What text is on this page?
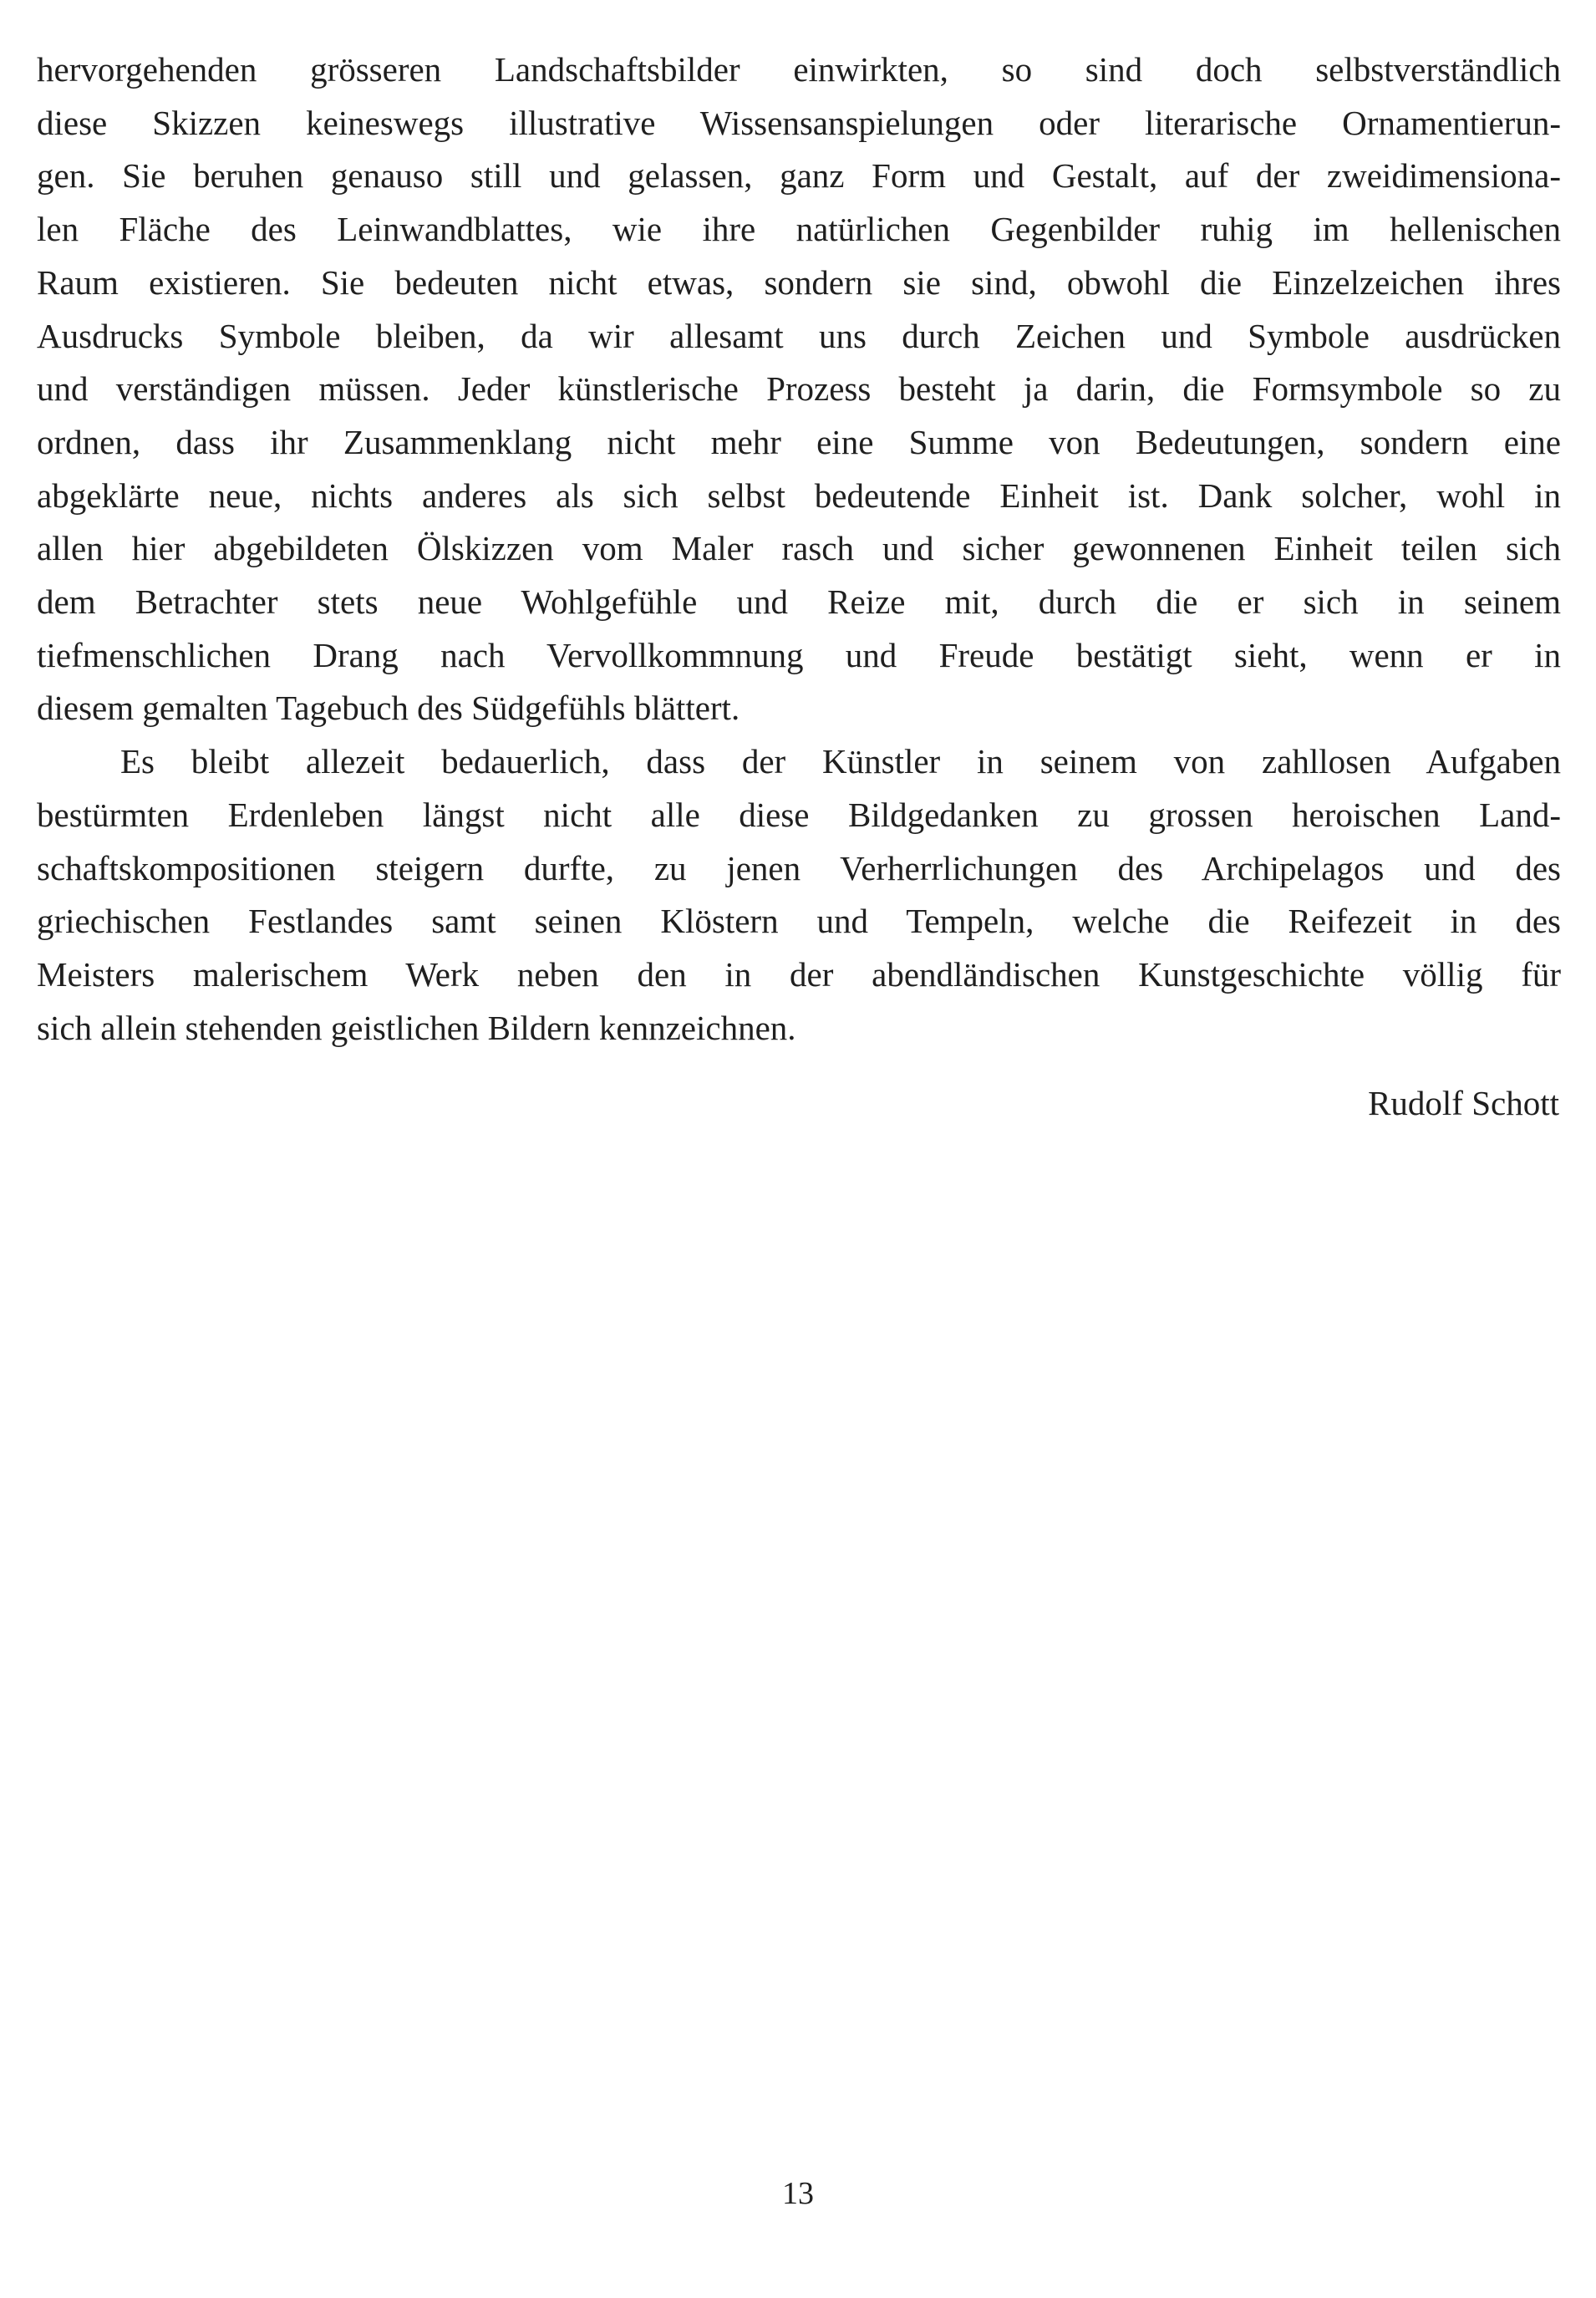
hervorgehenden grösseren Landschaftsbilder einwirkten, so sind doch selbstverständlich
diese Skizzen keineswegs illustrative Wissensanspielungen oder literarische Ornamentierun-
gen. Sie beruhen genauso still und gelassen, ganz Form und Gestalt, auf der zweidimensiona-
len Fläche des Leinwandblattes, wie ihre natürlichen Gegenbilder ruhig im hellenischen
Raum existieren. Sie bedeuten nicht etwas, sondern sie sind, obwohl die Einzelzeichen ihres
Ausdrucks Symbole bleiben, da wir allesamt uns durch Zeichen und Symbole ausdrücken
und verständigen müssen. Jeder künstlerische Prozess besteht ja darin, die Formsymbole so zu
ordnen, dass ihr Zusammenklang nicht mehr eine Summe von Bedeutungen, sondern eine
abgeklärte neue, nichts anderes als sich selbst bedeutende Einheit ist. Dank solcher, wohl in
allen hier abgebildeten Ölskizzen vom Maler rasch und sicher gewonnenen Einheit teilen sich
dem Betrachter stets neue Wohlgefühle und Reize mit, durch die er sich in seinem
tiefmenschlichen Drang nach Vervollkommnung und Freude bestätigt sieht, wenn er in
diesem gemalten Tagebuch des Südgefühls blättert.
Es bleibt allezeit bedauerlich, dass der Künstler in seinem von zahllosen Aufgaben
bestürmten Erdenleben längst nicht alle diese Bildgedanken zu grossen heroischen Land-
schaftskompositionen steigern durfte, zu jenen Verherrlichungen des Archipelagos und des
griechischen Festlandes samt seinen Klöstern und Tempeln, welche die Reifezeit in des
Meisters malerischem Werk neben den in der abendländischen Kunstgeschichte völlig für
sich allein stehenden geistlichen Bildern kennzeichnen.
Rudolf Schott
13
